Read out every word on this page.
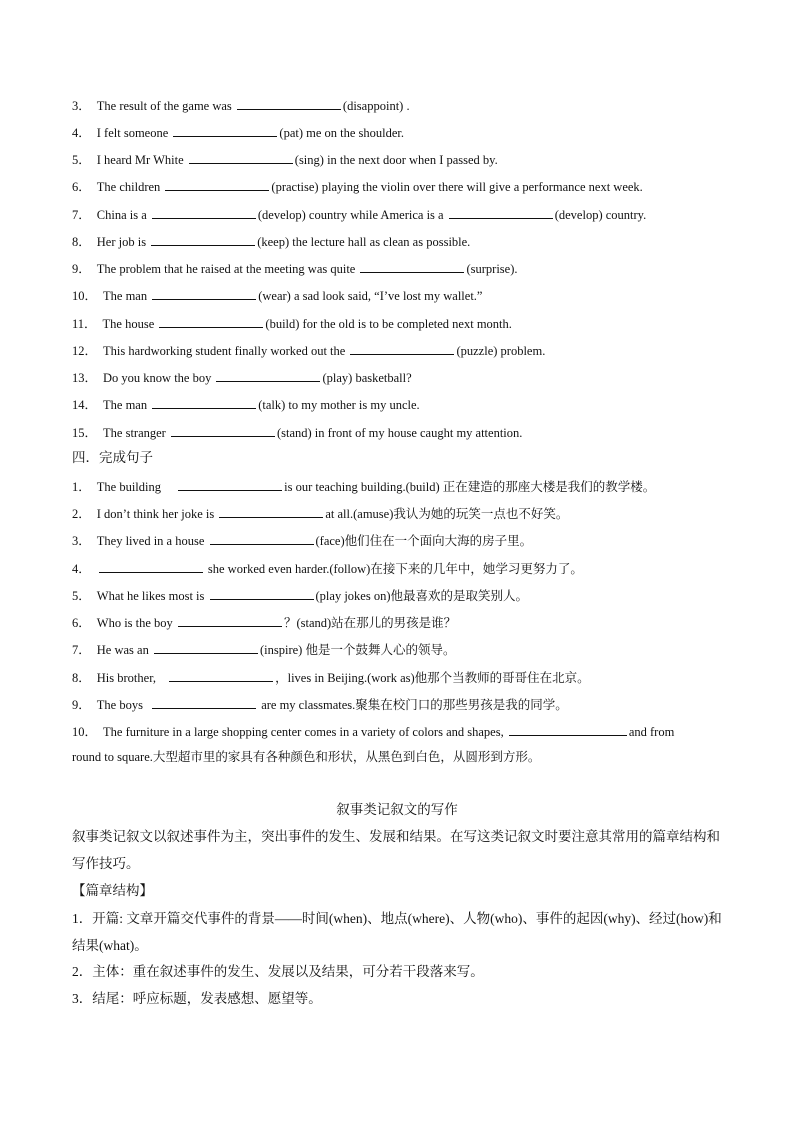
3． The result of the game was	(disappoint) .
4． I felt someone	(pat) me on the shoulder.
5． I heard Mr White	(sing) in the next door when I passed by.
6． The children	(practise) playing the violin over there will give a performance next week.
7． China is a	(develop) country while America is a	(develop) country.
8． Her job is	(keep) the lecture hall as clean as possible.
9． The problem that he raised at the meeting was quite	(surprise).
10． The man	(wear) a sad look said, “I’ve lost my wallet.”
11． The house	(build) for the old is to be completed next month.
12． This hardworking student finally worked out the	(puzzle) problem.
13． Do you know the boy	(play) basketball?
14． The man	(talk) to my mother is my uncle.
15． The stranger	(stand) in front of my house caught my attention.
四．完成句子
1． The building	is our teaching building.(build) 正在建造的那座大楼是我们的教学楼。
2． I don’t think her joke is	at all.(amuse)我认为她的玩笑一点也不好笑。
3． They lived in a house	(face)他们住在一个面向大海的房子里。
4．	she worked even harder.(follow)在接下来的几年中，她学习更努力了。
5． What he likes most is	(play jokes on)他最喜欢的是取笑别人。
6． Who is the boy	？(stand)站在那儿的男孩是谁？
7． He was an	(inspire) 他是一个鼓舞人心的领导。
8． His brother,	，lives in Beijing.(work as)他那个当教师的哥哥住在北京。
9． The boys	are my classmates.聚集在校门口的那些男孩是我的同学。
10． The furniture in a large shopping center comes in a variety of colors and shapes,	and from
round to square.大型超市里的家具有各种颜色和形状，从黑色到白色，从圆形到方形。
叙事类记叙文的写作
叙事类记叙文以叙述事件为主，突出事件的发生、发展和结果。在写这类记叙文时要注意其常用的篇章结构和写作技巧。
【篇章结构】
1．开篇: 文章开篇交代事件的背景——时间(when)、地点(where)、人物(who)、事件的起因(why)、经过(how)和结果(what)。
2．主体：重在叙述事件的发生、发展以及结果，可分若干段落来写。
3．结尾：呼应标题，发表感想、愿望等。
